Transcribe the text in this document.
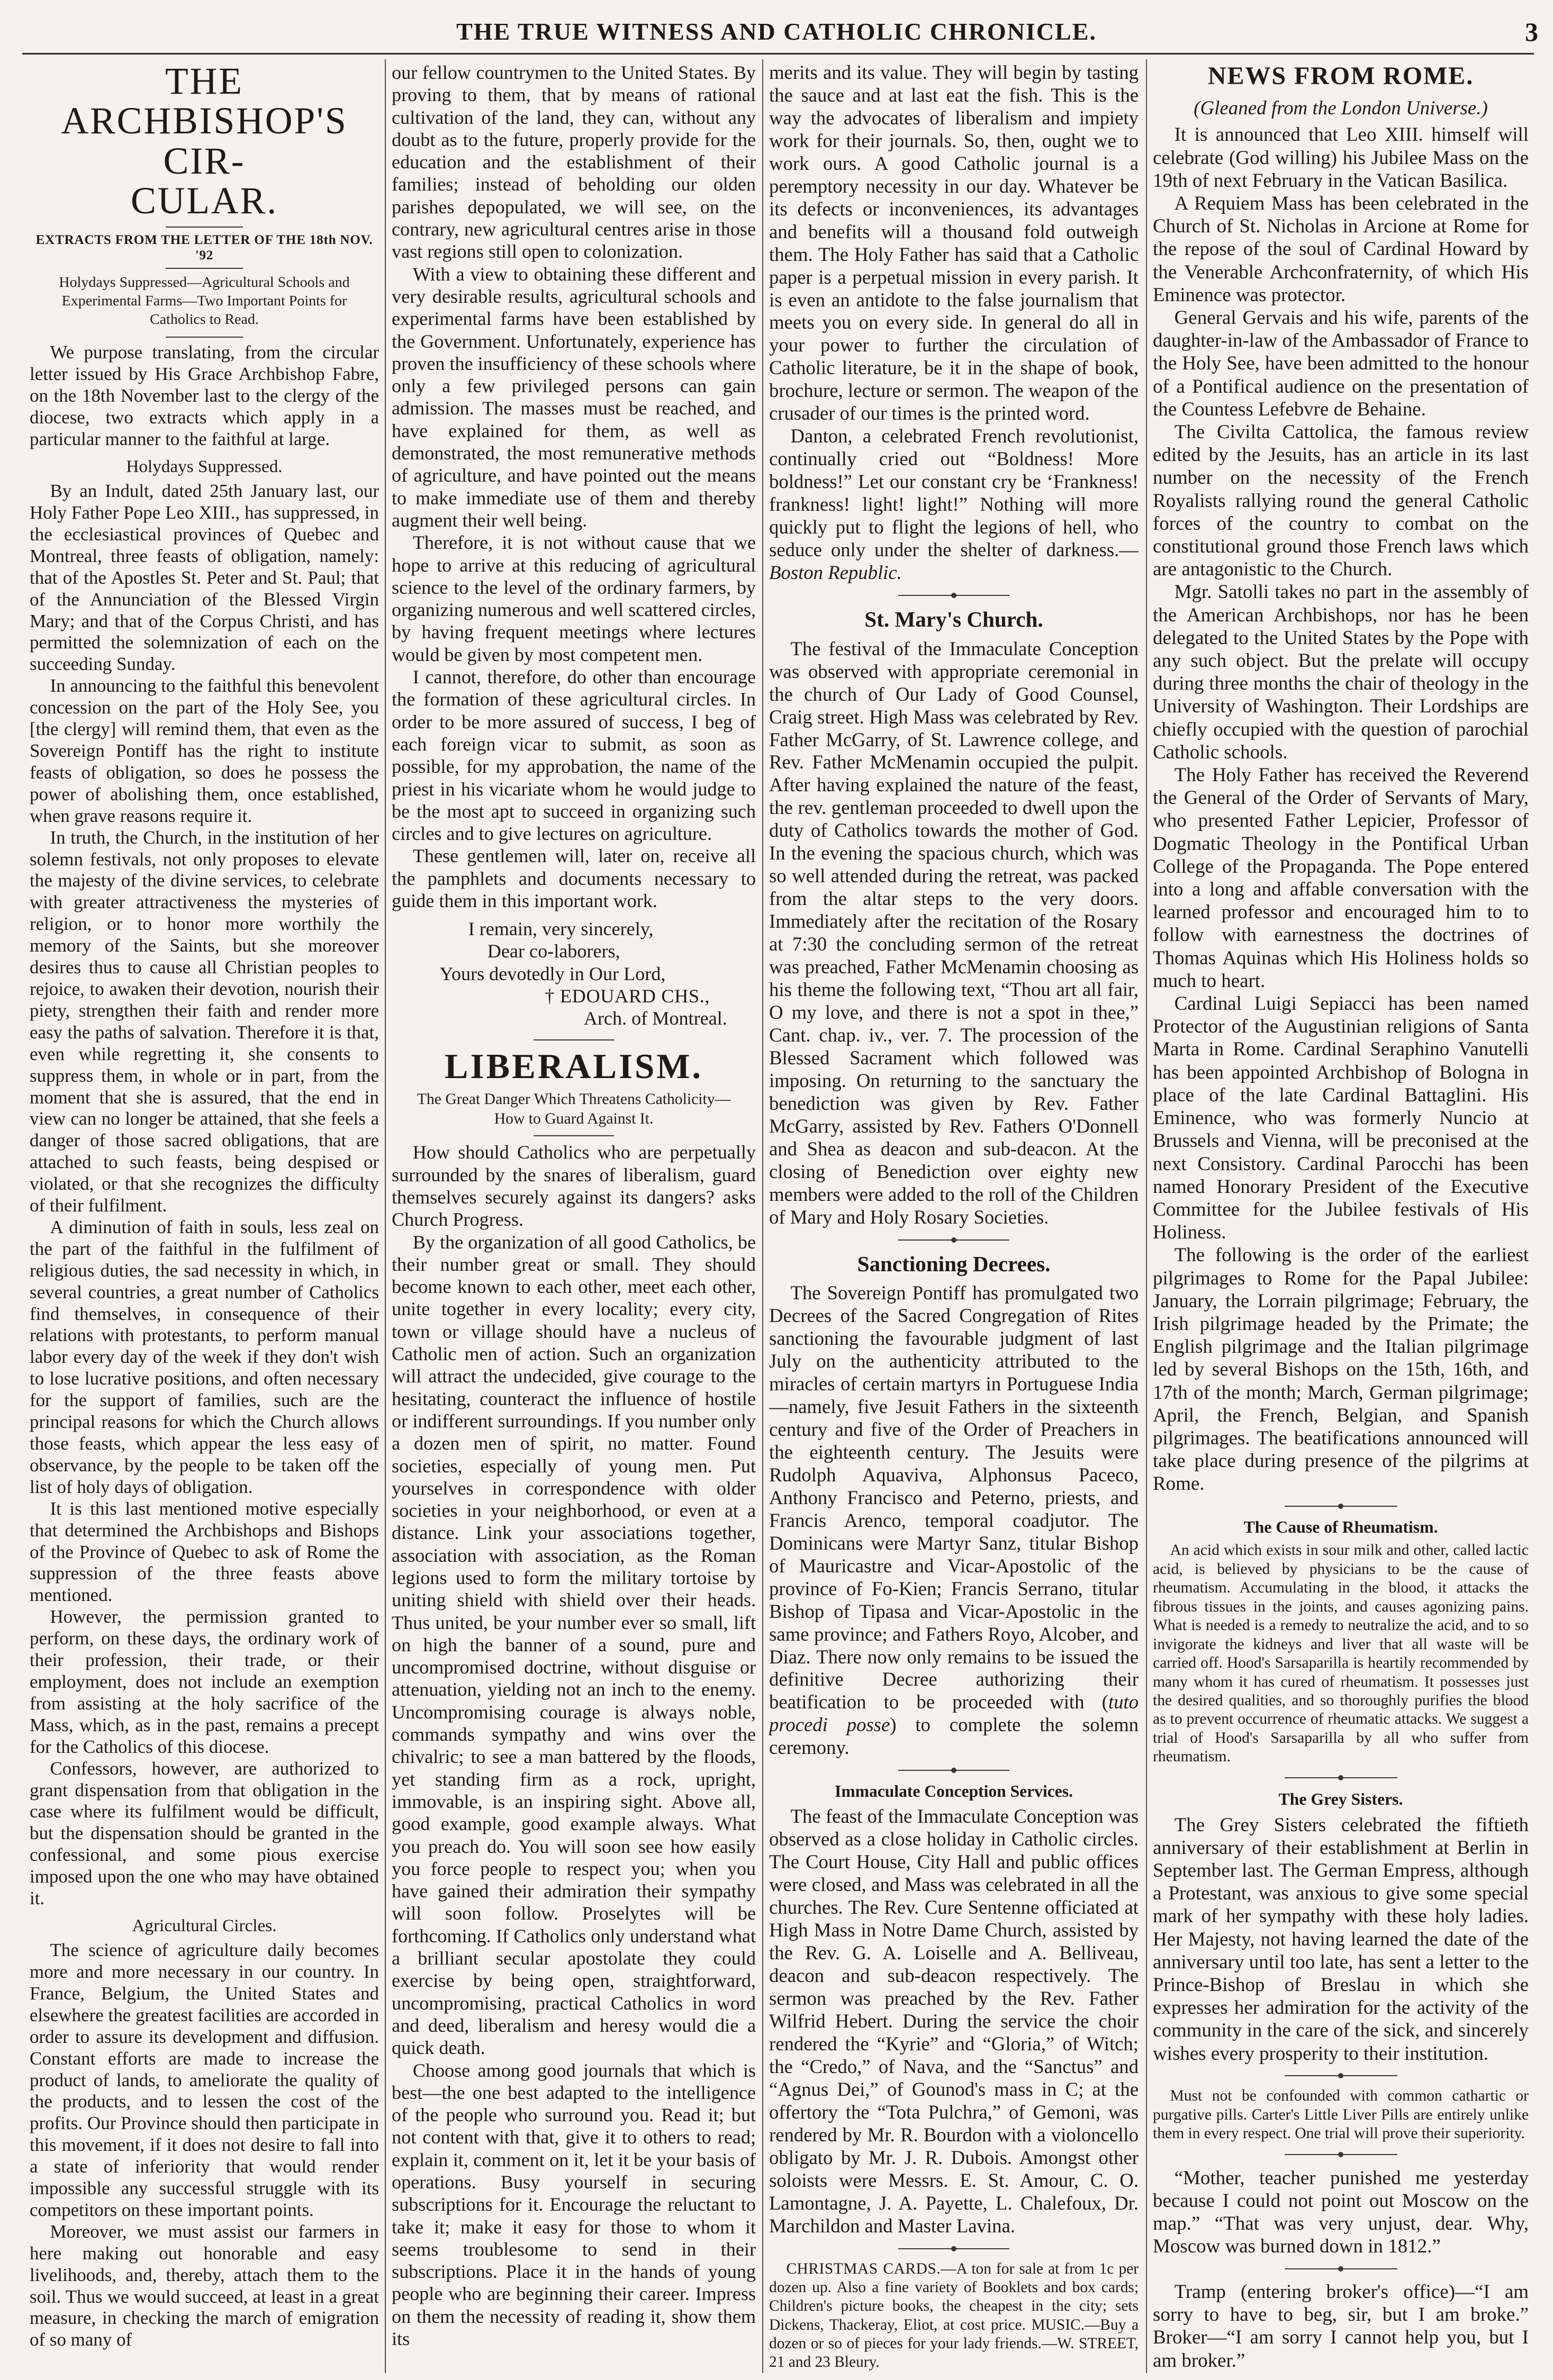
THE TRUE WITNESS AND CATHOLIC CHRONICLE.	3
THE ARCHBISHOP'S CIR-
CULAR.
EXTRACTS FROM THE LETTER OF THE 18th NOV. '92
Holydays Suppressed—Agricultural Schools and Experimental Farms—Two Important Points for Catholics to Read.

We purpose translating, from the circular letter issued by His Grace Archbishop Fabre, on the 18th November last to the clergy of the diocese, two extracts which apply in a particular manner to the faithful at large.

Holydays Suppressed.

By an Indult, dated 25th January last, our Holy Father Pope Leo XIII., has suppressed, in the ecclesiastical provinces of Quebec and Montreal, three feasts of obligation, namely: that of the Apostles St. Peter and St. Paul; that of the Annunciation of the Blessed Virgin Mary; and that of the Corpus Christi, and has permitted the solemnization of each on the succeeding Sunday.

In announcing to the faithful this benevolent concession on the part of the Holy See, you [the clergy] will remind them, that even as the Sovereign Pontiff has the right to institute feasts of obligation, so does he possess the power of abolishing them, once established, when grave reasons require it.

In truth, the Church, in the institution of her solemn festivals, not only proposes to elevate the majesty of the divine services, to celebrate with greater attractiveness the mysteries of religion, or to honor more worthily the memory of the Saints, but she moreover desires thus to cause all Christian peoples to rejoice, to awaken their devotion, nourish their piety, strengthen their faith and render more easy the paths of salvation. Therefore it is that, even while regretting it, she consents to suppress them, in whole or in part, from the moment that she is assured, that the end in view can no longer be attained, that she feels a danger of those sacred obligations, that are attached to such feasts, being despised or violated, or that she recognizes the difficulty of their fulfilment.

A diminution of faith in souls, less zeal on the part of the faithful in the fulfilment of religious duties, the sad necessity in which, in several countries, a great number of Catholics find themselves, in consequence of their relations with protestants, to perform manual labor every day of the week if they don't wish to lose lucrative positions, and often necessary for the support of families, such are the principal reasons for which the Church allows those feasts, which appear the less easy of observance, by the people to be taken off the list of holy days of obligation.

It is this last mentioned motive especially that determined the Archbishops and Bishops of the Province of Quebec to ask of Rome the suppression of the three feasts above mentioned.

However, the permission granted to perform, on these days, the ordinary work of their profession, their trade, or their employment, does not include an exemption from assisting at the holy sacrifice of the Mass, which, as in the past, remains a precept for the Catholics of this diocese.

Confessors, however, are authorized to grant dispensation from that obligation in the case where its fulfilment would be difficult, but the dispensation should be granted in the confessional, and some pious exercise imposed upon the one who may have obtained it.

Agricultural Circles.

The science of agriculture daily becomes more and more necessary in our country. In France, Belgium, the United States and elsewhere the greatest facilities are accorded in order to assure its development and diffusion. Constant efforts are made to increase the product of lands, to ameliorate the quality of the products, and to lessen the cost of the profits. Our Province should then participate in this movement, if it does not desire to fall into a state of inferiority that would render impossible any successful struggle with its competitors on these important points.

Moreover, we must assist our farmers in here making out honorable and easy livelihoods, and, thereby, attach them to the soil. Thus we would succeed, at least in a great measure, in checking the march of emigration of so many of

our fellow countrymen to the United States. By proving to them, that by means of rational cultivation of the land, they can, without any doubt as to the future, properly provide for the education and the establishment of their families; instead of beholding our olden parishes depopulated, we will see, on the contrary, new agricultural centres arise in those vast regions still open to colonization.

With a view to obtaining these different and very desirable results, agricultural schools and experimental farms have been established by the Government. Unfortunately, experience has proven the insufficiency of these schools where only a few privileged persons can gain admission. The masses must be reached, and have explained for them, as well as demonstrated, the most remunerative methods of agriculture, and have pointed out the means to make immediate use of them and thereby augment their well being.

Therefore, it is not without cause that we hope to arrive at this reducing of agricultural science to the level of the ordinary farmers, by organizing numerous and well scattered circles, by having frequent meetings where lectures would be given by most competent men.

I cannot, therefore, do other than encourage the formation of these agricultural circles. In order to be more assured of success, I beg of each foreign vicar to submit, as soon as possible, for my approbation, the name of the priest in his vicariate whom he would judge to be the most apt to succeed in organizing such circles and to give lectures on agriculture.

These gentlemen will, later on, receive all the pamphlets and documents necessary to guide them in this important work.

I remain, very sincerely,
Dear co-laborers,
Yours devotedly in Our Lord,
† EDOUARD CHS.,
Arch. of Montreal.
LIBERALISM.
The Great Danger Which Threatens Catholicity—How to Guard Against It.

How should Catholics who are perpetually surrounded by the snares of liberalism, guard themselves securely against its dangers? asks Church Progress.

By the organization of all good Catholics, be their number great or small. They should become known to each other, meet each other, unite together in every locality; every city, town or village should have a nucleus of Catholic men of action. Such an organization will attract the undecided, give courage to the hesitating, counteract the influence of hostile or indifferent surroundings. If you number only a dozen men of spirit, no matter. Found societies, especially of young men. Put yourselves in correspondence with older societies in your neighborhood, or even at a distance. Link your associations together, association with association, as the Roman legions used to form the military tortoise by uniting shield with shield over their heads. Thus united, be your number ever so small, lift on high the banner of a sound, pure and uncompromised doctrine, without disguise or attenuation, yielding not an inch to the enemy. Uncompromising courage is always noble, commands sympathy and wins over the chivalric; to see a man battered by the floods, yet standing firm as a rock, upright, immovable, is an inspiring sight. Above all, good example, good example always. What you preach do. You will soon see how easily you force people to respect you; when you have gained their admiration their sympathy will soon follow. Proselytes will be forthcoming. If Catholics only understand what a brilliant secular apostolate they could exercise by being open, straightforward, uncompromising, practical Catholics in word and deed, liberalism and heresy would die a quick death.

Choose among good journals that which is best—the one best adapted to the intelligence of the people who surround you. Read it; but not content with that, give it to others to read; explain it, comment on it, let it be your basis of operations. Busy yourself in securing subscriptions for it. Encourage the reluctant to take it; make it easy for those to whom it seems troublesome to send in their subscriptions. Place it in the hands of young people who are beginning their career. Impress on them the necessity of reading it, show them its

merits and its value. They will begin by tasting the sauce and at last eat the fish. This is the way the advocates of liberalism and impiety work for their journals. So, then, ought we to work ours. A good Catholic journal is a peremptory necessity in our day. Whatever be its defects or inconveniences, its advantages and benefits will a thousand fold outweigh them. The Holy Father has said that a Catholic paper is a perpetual mission in every parish. It is even an antidote to the false journalism that meets you on every side. In general do all in your power to further the circulation of Catholic literature, be it in the shape of book, brochure, lecture or sermon. The weapon of the crusader of our times is the printed word.

Danton, a celebrated French revolutionist, continually cried out “Boldness! More boldness!” Let our constant cry be ‘Frankness! frankness! light! light!” Nothing will more quickly put to flight the legions of hell, who seduce only under the shelter of darkness.—Boston Republic.

St. Mary's Church.

The festival of the Immaculate Conception was observed with appropriate ceremonial in the church of Our Lady of Good Counsel, Craig street. High Mass was celebrated by Rev. Father McGarry, of St. Lawrence college, and Rev. Father McMenamin occupied the pulpit. After having explained the nature of the feast, the rev. gentleman proceeded to dwell upon the duty of Catholics towards the mother of God. In the evening the spacious church, which was so well attended during the retreat, was packed from the altar steps to the very doors. Immediately after the recitation of the Rosary at 7:30 the concluding sermon of the retreat was preached, Father McMenamin choosing as his theme the following text, “Thou art all fair, O my love, and there is not a spot in thee,” Cant. chap. iv., ver. 7. The procession of the Blessed Sacrament which followed was imposing. On returning to the sanctuary the benediction was given by Rev. Father McGarry, assisted by Rev. Fathers O'Donnell and Shea as deacon and sub-deacon. At the closing of Benediction over eighty new members were added to the roll of the Children of Mary and Holy Rosary Societies.

Sanctioning Decrees.

The Sovereign Pontiff has promulgated two Decrees of the Sacred Congregation of Rites sanctioning the favourable judgment of last July on the authenticity attributed to the miracles of certain martyrs in Portuguese India—namely, five Jesuit Fathers in the sixteenth century and five of the Order of Preachers in the eighteenth century. The Jesuits were Rudolph Aquaviva, Alphonsus Paceco, Anthony Francisco and Peterno, priests, and Francis Arenco, temporal coadjutor. The Dominicans were Martyr Sanz, titular Bishop of Mauricastre and Vicar-Apostolic of the province of Fo-Kien; Francis Serrano, titular Bishop of Tipasa and Vicar-Apostolic in the same province; and Fathers Royo, Alcober, and Diaz. There now only remains to be issued the definitive Decree authorizing their beatification to be proceeded with (tuto procedi posse) to complete the solemn ceremony.

Immaculate Conception Services.

The feast of the Immaculate Conception was observed as a close holiday in Catholic circles. The Court House, City Hall and public offices were closed, and Mass was celebrated in all the churches. The Rev. Cure Sentenne officiated at High Mass in Notre Dame Church, assisted by the Rev. G. A. Loiselle and A. Belliveau, deacon and sub-deacon respectively. The sermon was preached by the Rev. Father Wilfrid Hebert. During the service the choir rendered the “Kyrie” and “Gloria,” of Witch; the “Credo,” of Nava, and the “Sanctus” and “Agnus Dei,” of Gounod's mass in C; at the offertory the “Tota Pulchra,” of Gemoni, was rendered by Mr. R. Bourdon with a violoncello obligato by Mr. J. R. Dubois. Amongst other soloists were Messrs. E. St. Amour, C. O. Lamontagne, J. A. Payette, L. Chalefoux, Dr. Marchildon and Master Lavina.

CHRISTMAS CARDS.—A ton for sale at from 1c per dozen up. Also a fine variety of Booklets and box cards; Children's picture books, the cheapest in the city; sets Dickens, Thackeray, Eliot, at cost price. MUSIC.—Buy a dozen or so of pieces for your lady friends.—W. STREET, 21 and 23 Bleury.

NEWS FROM ROME.
(Gleaned from the London Universe.)

It is announced that Leo XIII. himself will celebrate (God willing) his Jubilee Mass on the 19th of next February in the Vatican Basilica.

A Requiem Mass has been celebrated in the Church of St. Nicholas in Arcione at Rome for the repose of the soul of Cardinal Howard by the Venerable Archconfraternity, of which His Eminence was protector.

General Gervais and his wife, parents of the daughter-in-law of the Ambassador of France to the Holy See, have been admitted to the honour of a Pontifical audience on the presentation of the Countess Lefebvre de Behaine.

The Civilta Cattolica, the famous review edited by the Jesuits, has an article in its last number on the necessity of the French Royalists rallying round the general Catholic forces of the country to combat on the constitutional ground those French laws which are antagonistic to the Church.

Mgr. Satolli takes no part in the assembly of the American Archbishops, nor has he been delegated to the United States by the Pope with any such object. But the prelate will occupy during three months the chair of theology in the University of Washington. Their Lordships are chiefly occupied with the question of parochial Catholic schools.

The Holy Father has received the Reverend the General of the Order of Servants of Mary, who presented Father Lepicier, Professor of Dogmatic Theology in the Pontifical Urban College of the Propaganda. The Pope entered into a long and affable conversation with the learned professor and encouraged him to to follow with earnestness the doctrines of Thomas Aquinas which His Holiness holds so much to heart.

Cardinal Luigi Sepiacci has been named Protector of the Augustinian religions of Santa Marta in Rome. Cardinal Seraphino Vanutelli has been appointed Archbishop of Bologna in place of the late Cardinal Battaglini. His Eminence, who was formerly Nuncio at Brussels and Vienna, will be preconised at the next Consistory. Cardinal Parocchi has been named Honorary President of the Executive Committee for the Jubilee festivals of His Holiness.

The following is the order of the earliest pilgrimages to Rome for the Papal Jubilee: January, the Lorrain pilgrimage; February, the Irish pilgrimage headed by the Primate; the English pilgrimage and the Italian pilgrimage led by several Bishops on the 15th, 16th, and 17th of the month; March, German pilgrimage; April, the French, Belgian, and Spanish pilgrimages. The beatifications announced will take place during presence of the pilgrims at Rome.

The Cause of Rheumatism.

An acid which exists in sour milk and other, called lactic acid, is believed by physicians to be the cause of rheumatism. Accumulating in the blood, it attacks the fibrous tissues in the joints, and causes agonizing pains. What is needed is a remedy to neutralize the acid, and to so invigorate the kidneys and liver that all waste will be carried off. Hood's Sarsaparilla is heartily recommended by many whom it has cured of rheumatism. It possesses just the desired qualities, and so thoroughly purifies the blood as to prevent occurrence of rheumatic attacks. We suggest a trial of Hood's Sarsaparilla by all who suffer from rheumatism.

The Grey Sisters.

The Grey Sisters celebrated the fiftieth anniversary of their establishment at Berlin in September last. The German Empress, although a Protestant, was anxious to give some special mark of her sympathy with these holy ladies. Her Majesty, not having learned the date of the anniversary until too late, has sent a letter to the Prince-Bishop of Breslau in which she expresses her admiration for the activity of the community in the care of the sick, and sincerely wishes every prosperity to their institution.

Must not be confounded with common cathartic or purgative pills. Carter's Little Liver Pills are entirely unlike them in every respect. One trial will prove their superiority.

“Mother, teacher punished me yesterday because I could not point out Moscow on the map.” “That was very unjust, dear. Why, Moscow was burned down in 1812.”

Tramp (entering broker's office)—“I am sorry to have to beg, sir, but I am broke.” Broker—“I am sorry I cannot help you, but I am broker.”
